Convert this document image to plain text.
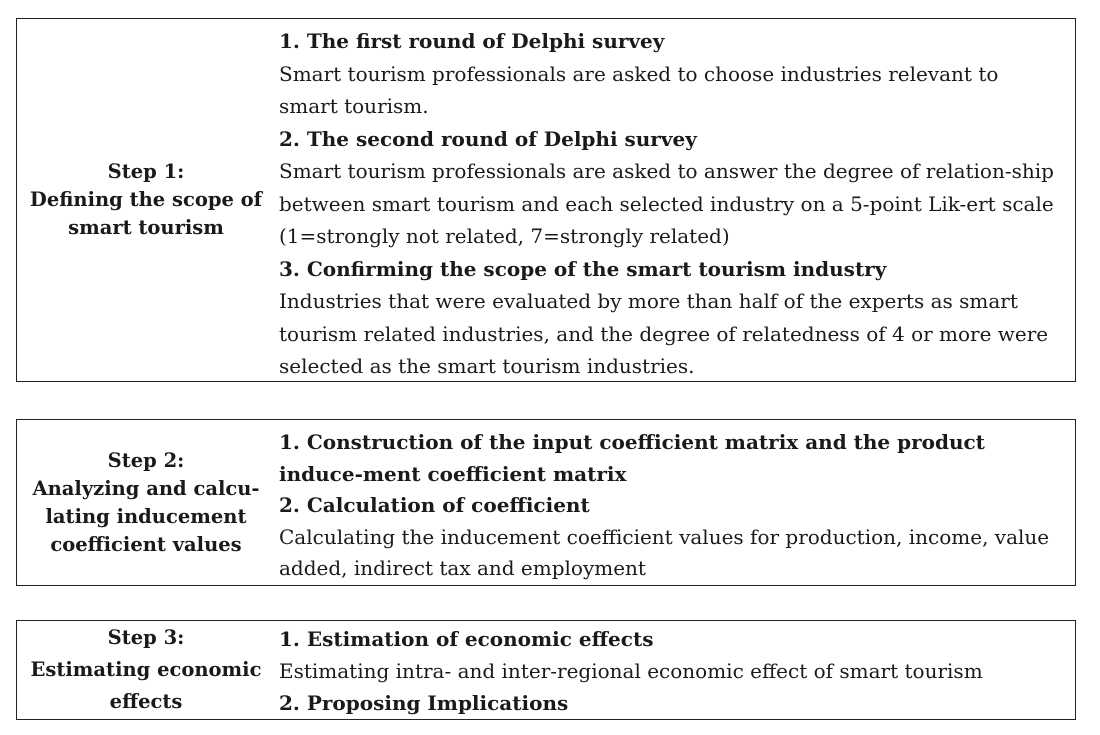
Step 1:
Defining the scope of
smart tourism
1. The first round of Delphi survey
Smart tourism professionals are asked to choose industries relevant to smart tourism.
2. The second round of Delphi survey
Smart tourism professionals are asked to answer the degree of relation-ship between smart tourism and each selected industry on a 5-point Lik-ert scale (1=strongly not related, 7=strongly related)
3. Confirming the scope of the smart tourism industry
Industries that were evaluated by more than half of the experts as smart tourism related industries, and the degree of relatedness of 4 or more were selected as the smart tourism industries.
Step 2:
Analyzing and calcu-
lating inducement
coefficient values
1. Construction of the input coefficient matrix and the product induce-ment coefficient matrix
2. Calculation of coefficient
Calculating the inducement coefficient values for production, income, value added, indirect tax and employment
Step 3:
Estimating economic
effects
1. Estimation of economic effects
Estimating intra- and inter-regional economic effect of smart tourism
2. Proposing Implications
